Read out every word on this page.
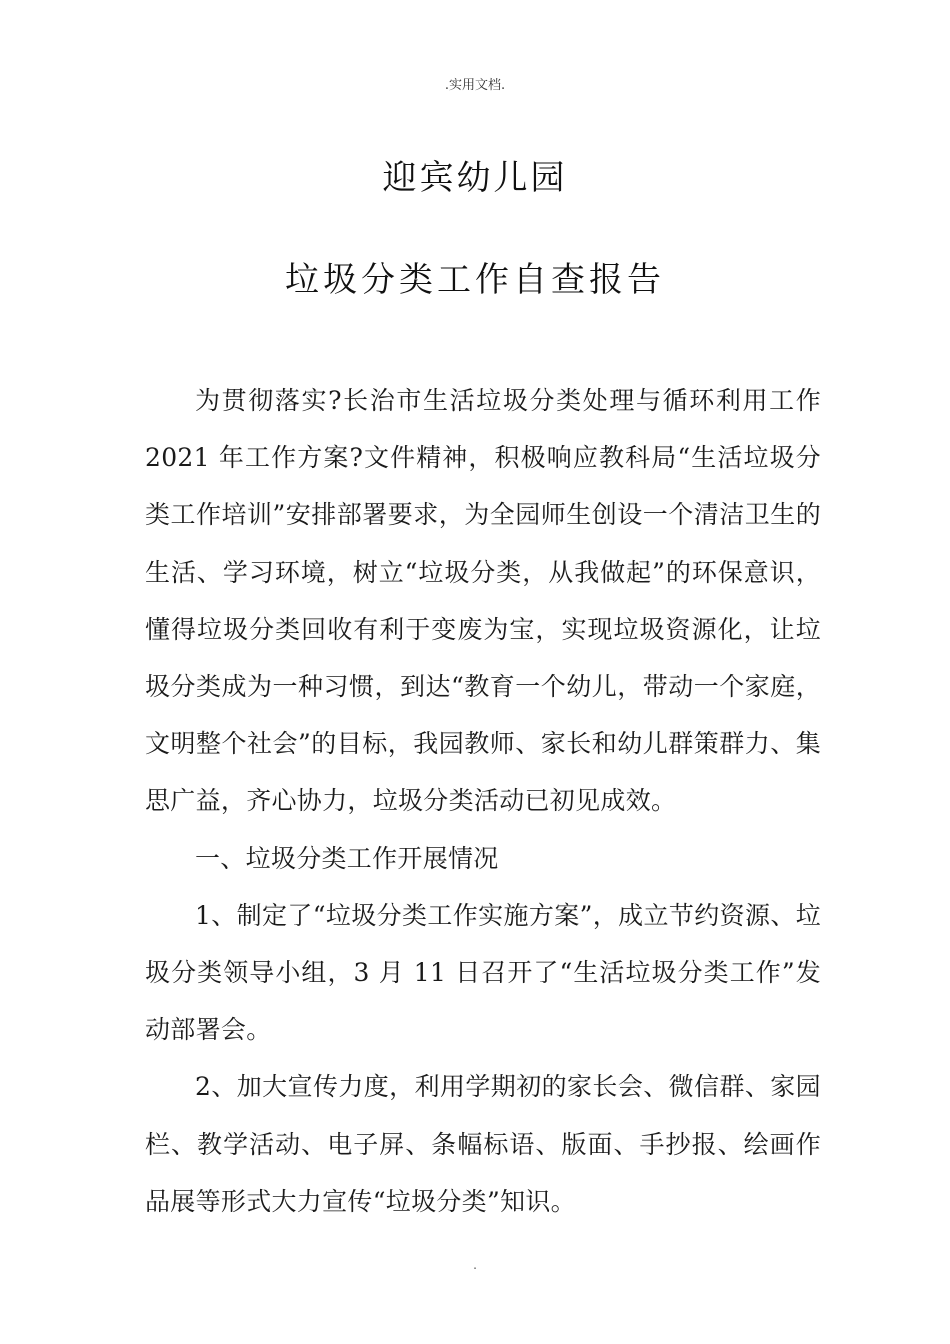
.实用文档.
迎宾幼儿园
垃圾分类工作自查报告

为贯彻落实?长治市生活垃圾分类处理与循环利用工作2021 年工作方案?文件精神，积极响应教科局“生活垃圾分类工作培训”安排部署要求，为全园师生创设一个清洁卫生的生活、学习环境，树立“垃圾分类，从我做起”的环保意识，懂得垃圾分类回收有利于变废为宝，实现垃圾资源化，让垃圾分类成为一种习惯，到达“教育一个幼儿，带动一个家庭，文明整个社会”的目标，我园教师、家长和幼儿群策群力、集思广益，齐心协力，垃圾分类活动已初见成效。

一、垃圾分类工作开展情况

1、制定了“垃圾分类工作实施方案”，成立节约资源、垃圾分类领导小组，3 月 11 日召开了“生活垃圾分类工作”发动部署会。

2、加大宣传力度，利用学期初的家长会、微信群、家园栏、教学活动、电子屏、条幅标语、版面、手抄报、绘画作品展等形式大力宣传“垃圾分类”知识。

.
